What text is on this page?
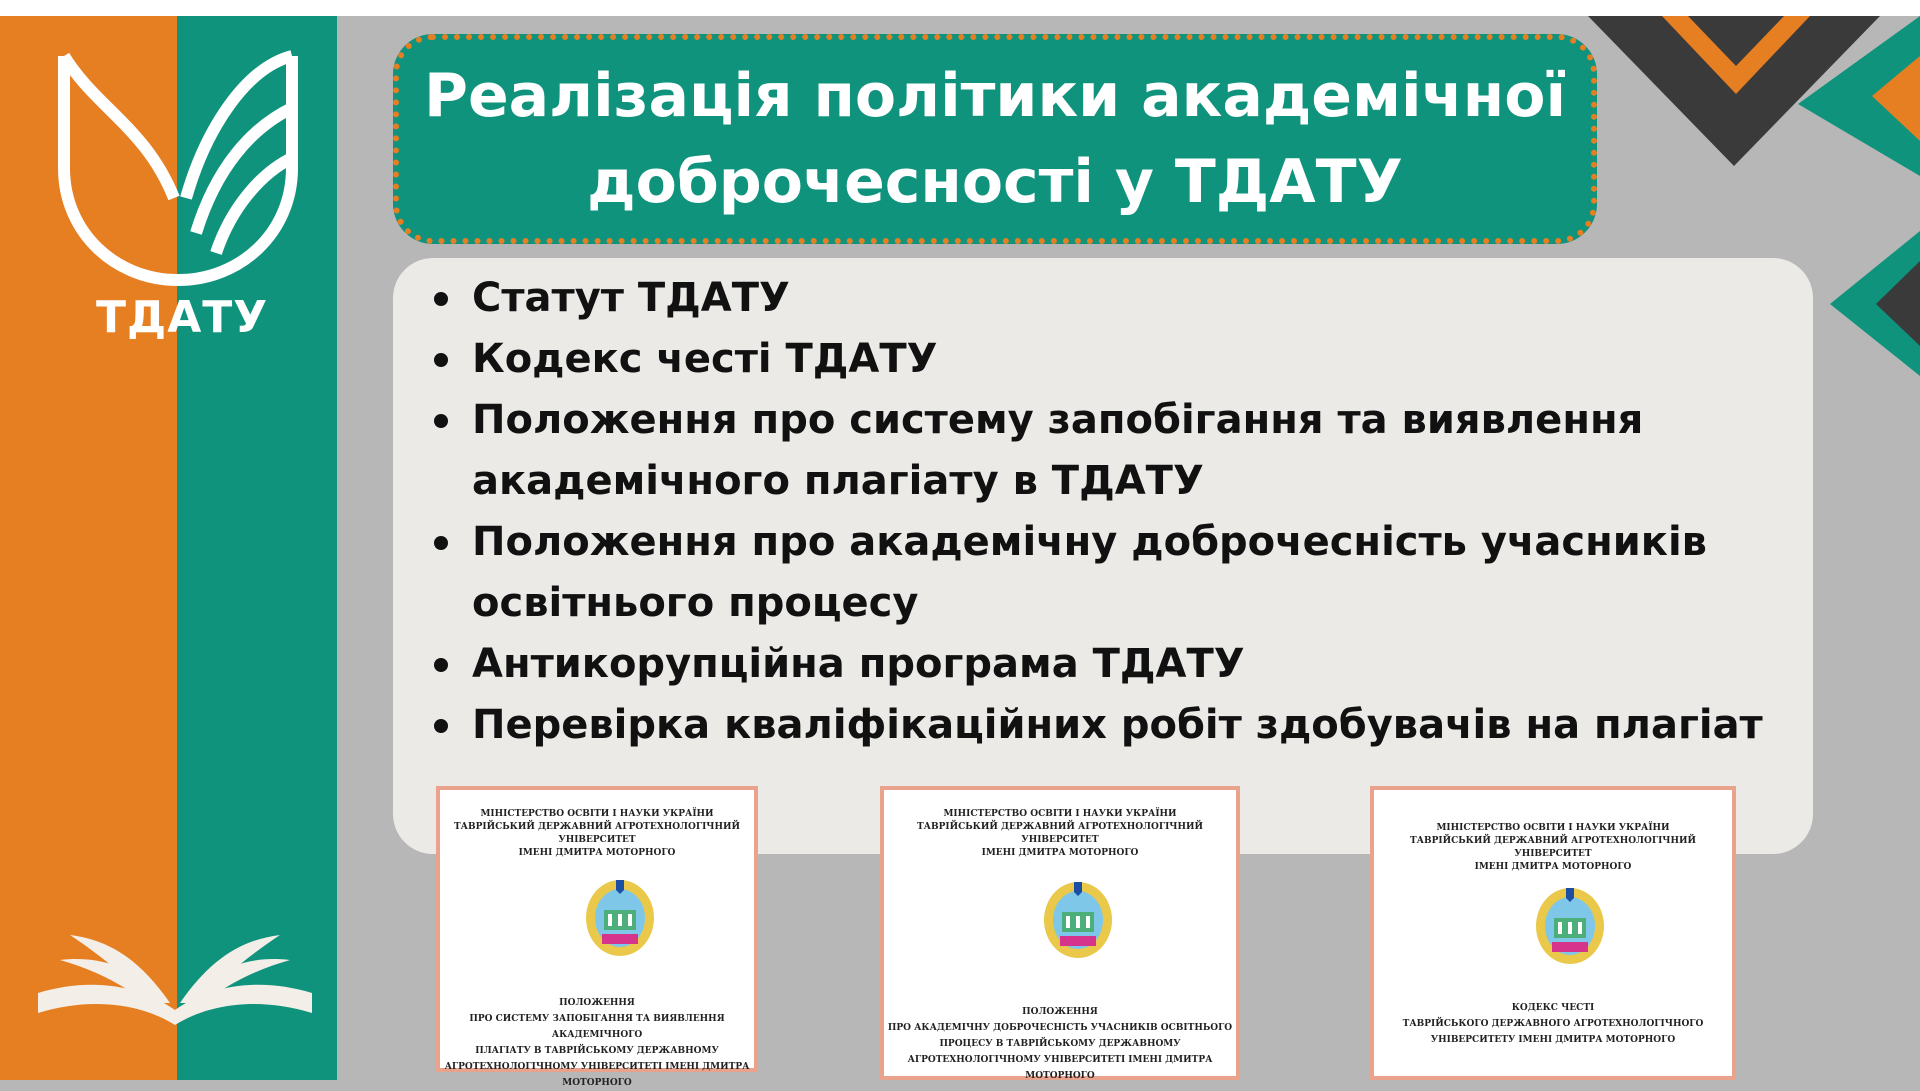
ТДАТУ
Реалізація політики академічної
доброчесності у ТДАТУ
Статут ТДАТУ
Кодекс честі ТДАТУ
Положення про систему запобігання та виявлення
академічного плагіату в ТДАТУ
Положення про академічну доброчесність учасників
освітнього процесу
Антикорупційна програма ТДАТУ
Перевірка кваліфікаційних робіт здобувачів на плагіат
МІНІСТЕРСТВО ОСВІТИ І НАУКИ УКРАЇНИ
ТАВРІЙСЬКИЙ ДЕРЖАВНИЙ АГРОТЕХНОЛОГІЧНИЙ УНІВЕРСИТЕТ
ІМЕНІ ДМИТРА МОТОРНОГО
ПОЛОЖЕННЯ
ПРО СИСТЕМУ ЗАПОБІГАННЯ ТА ВИЯВЛЕННЯ АКАДЕМІЧНОГО
ПЛАГІАТУ В ТАВРІЙСЬКОМУ ДЕРЖАВНОМУ
АГРОТЕХНОЛОГІЧНОМУ УНІВЕРСИТЕТІ ІМЕНІ ДМИТРА
МОТОРНОГО
МІНІСТЕРСТВО ОСВІТИ І НАУКИ УКРАЇНИ
ТАВРІЙСЬКИЙ ДЕРЖАВНИЙ АГРОТЕХНОЛОГІЧНИЙ УНІВЕРСИТЕТ
ІМЕНІ ДМИТРА МОТОРНОГО
ПОЛОЖЕННЯ
ПРО АКАДЕМІЧНУ ДОБРОЧЕСНІСТЬ УЧАСНИКІВ ОСВІТНЬОГО
ПРОЦЕСУ В ТАВРІЙСЬКОМУ ДЕРЖАВНОМУ
АГРОТЕХНОЛОГІЧНОМУ УНІВЕРСИТЕТІ ІМЕНІ ДМИТРА
МОТОРНОГО
МІНІСТЕРСТВО ОСВІТИ І НАУКИ УКРАЇНИ
ТАВРІЙСЬКИЙ ДЕРЖАВНИЙ АГРОТЕХНОЛОГІЧНИЙ УНІВЕРСИТЕТ
ІМЕНІ ДМИТРА МОТОРНОГО
КОДЕКС ЧЕСТІ
ТАВРІЙСЬКОГО ДЕРЖАВНОГО АГРОТЕХНОЛОГІЧНОГО
УНІВЕРСИТЕТУ ІМЕНІ ДМИТРА МОТОРНОГО
